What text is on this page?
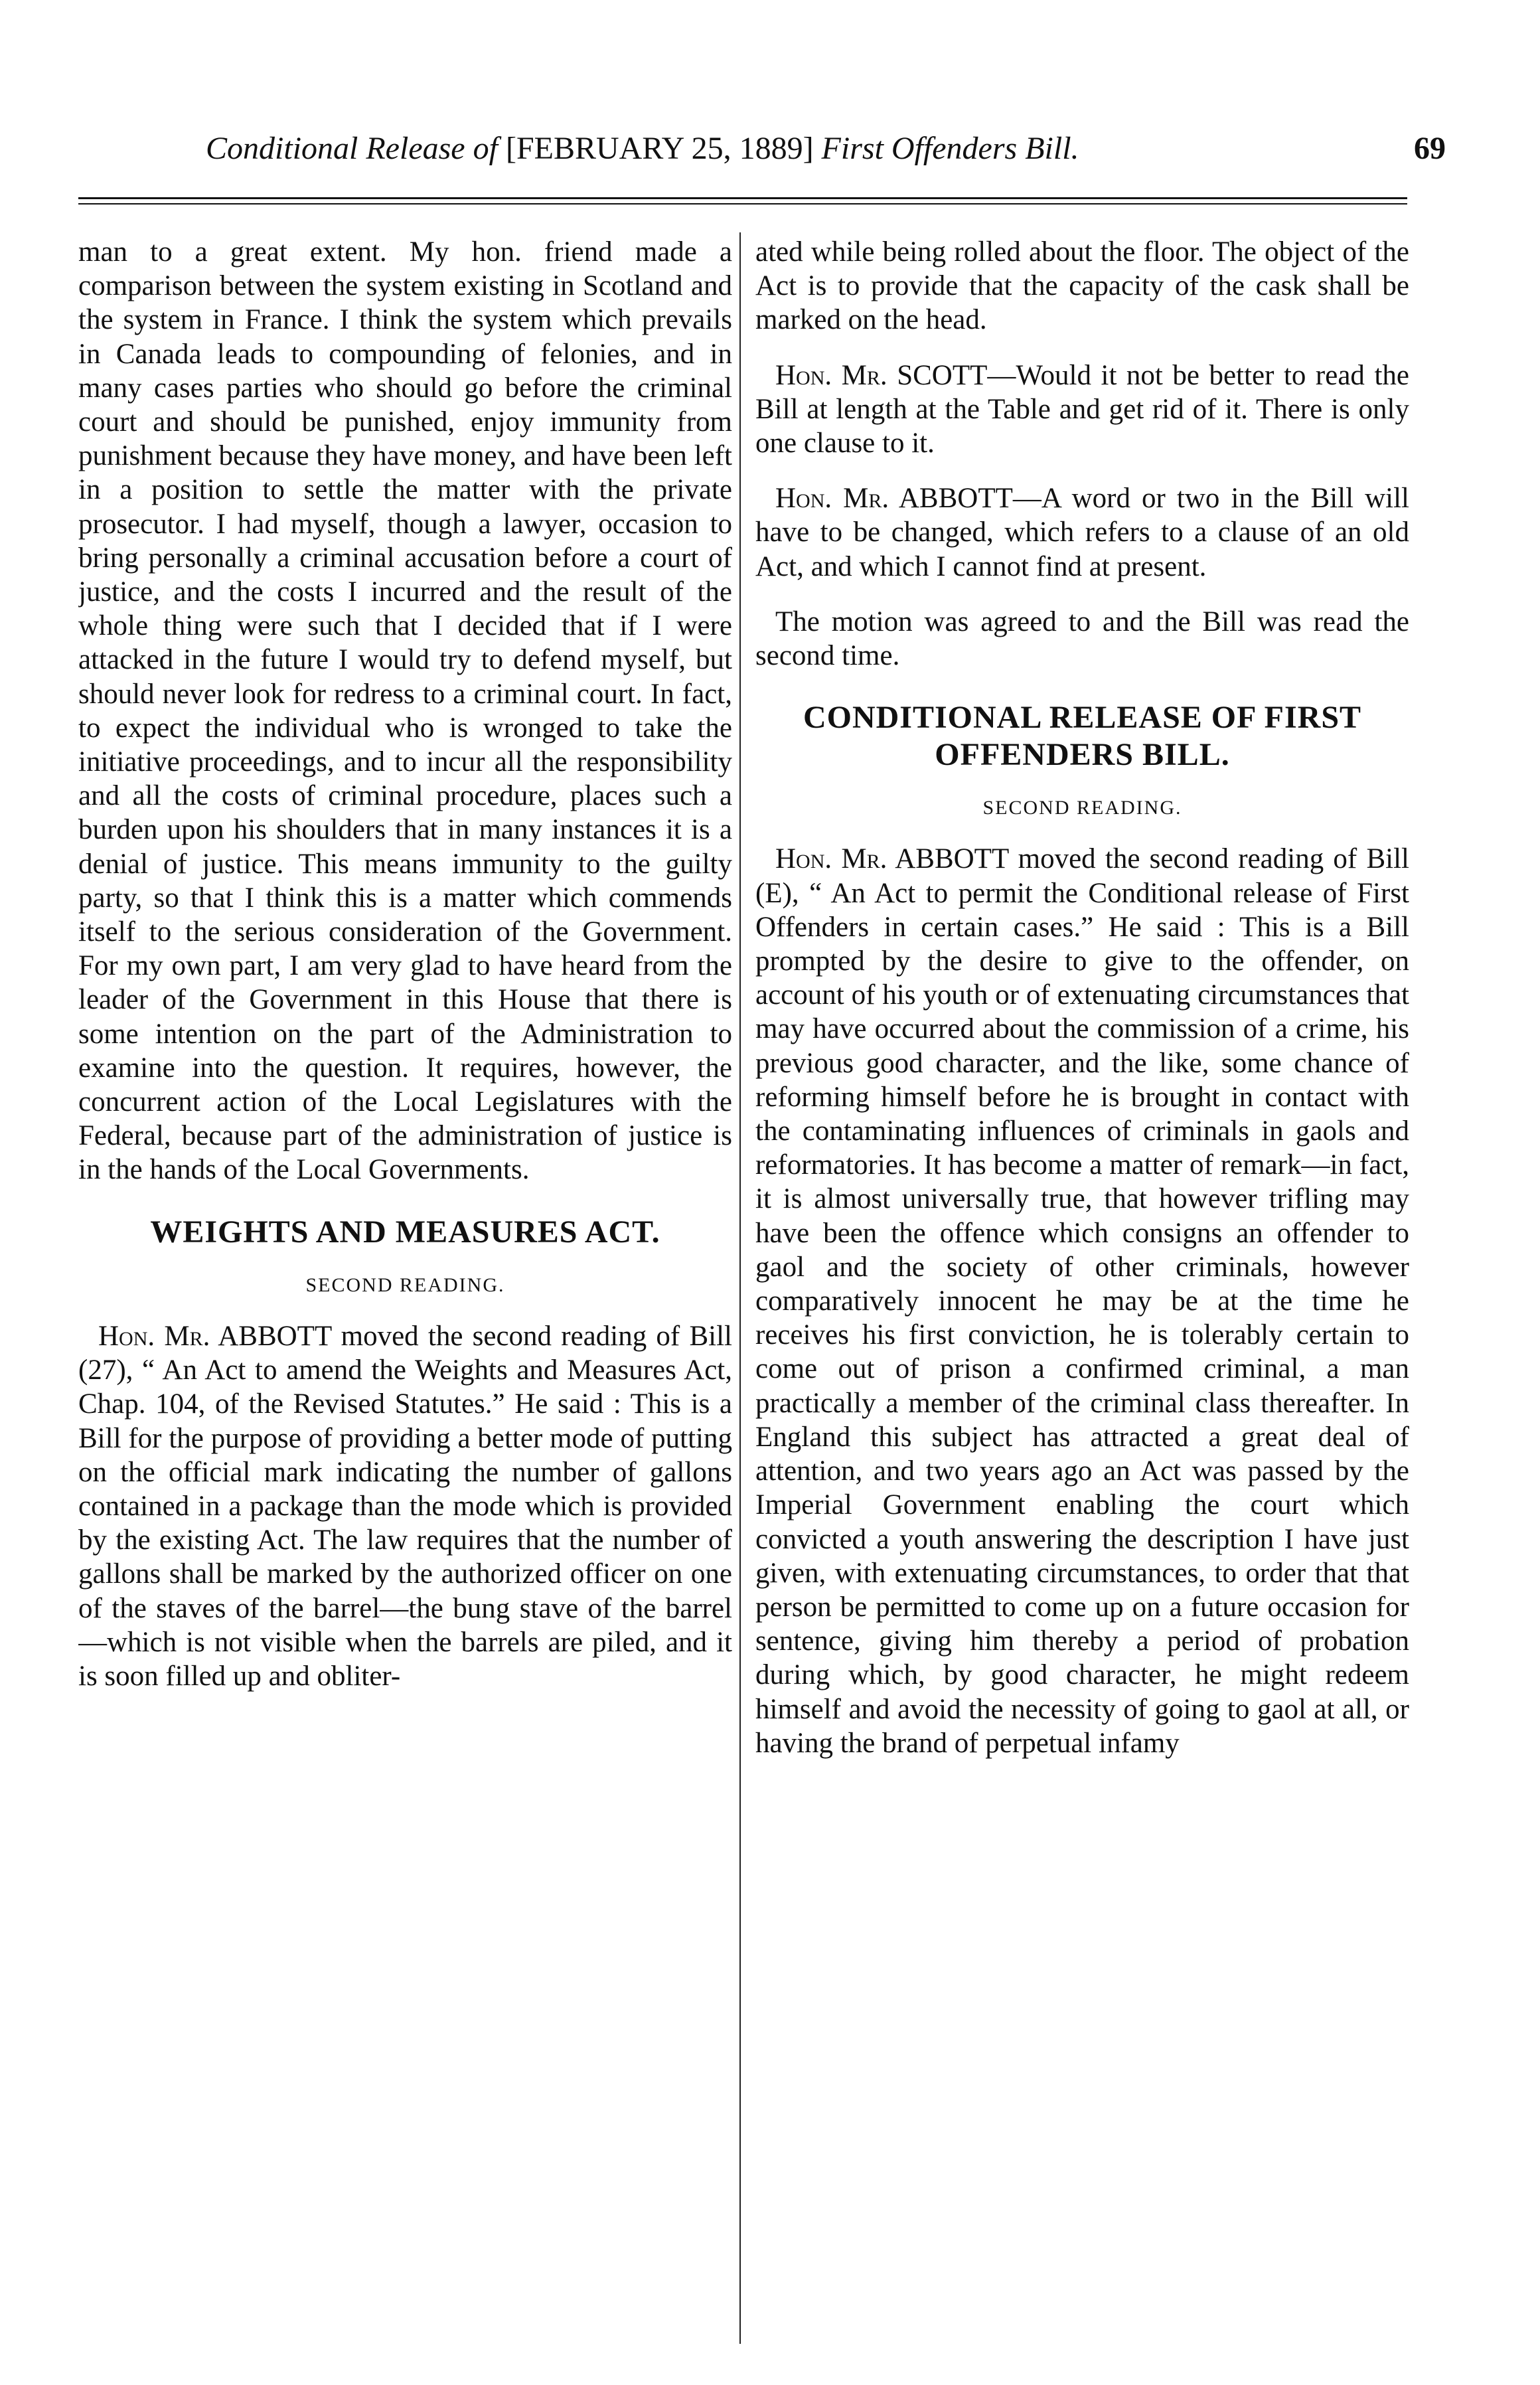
Conditional Release of [FEBRUARY 25, 1889] First Offenders Bill.	69

man to a great extent. My hon. friend made a comparison between the system existing in Scotland and the system in France. I think the system which prevails in Canada leads to compounding of felonies, and in many cases parties who should go before the criminal court and should be punished, enjoy immunity from punishment because they have money, and have been left in a position to settle the matter with the private prosecutor. I had myself, though a lawyer, occasion to bring personally a criminal accusation before a court of justice, and the costs I incurred and the result of the whole thing were such that I decided that if I were attacked in the future I would try to defend myself, but should never look for redress to a criminal court. In fact, to expect the individual who is wronged to take the initiative proceedings, and to incur all the responsibility and all the costs of criminal procedure, places such a burden upon his shoulders that in many instances it is a denial of justice. This means immunity to the guilty party, so that I think this is a matter which commends itself to the serious consideration of the Government. For my own part, I am very glad to have heard from the leader of the Government in this House that there is some intention on the part of the Administration to examine into the question. It requires, however, the concurrent action of the Local Legislatures with the Federal, because part of the administration of justice is in the hands of the Local Governments.

WEIGHTS AND MEASURES ACT.
SECOND READING.

Hon. Mr. ABBOTT moved the second reading of Bill (27), “ An Act to amend the Weights and Measures Act, Chap. 104, of the Revised Statutes.” He said : This is a Bill for the purpose of providing a better mode of putting on the official mark indicating the number of gallons contained in a package than the mode which is provided by the existing Act. The law requires that the number of gallons shall be marked by the authorized officer on one of the staves of the barrel—the bung stave of the barrel—which is not visible when the barrels are piled, and it is soon filled up and obliter-

ated while being rolled about the floor. The object of the Act is to provide that the capacity of the cask shall be marked on the head.

Hon. Mr. SCOTT—Would it not be better to read the Bill at length at the Table and get rid of it. There is only one clause to it.

Hon. Mr. ABBOTT—A word or two in the Bill will have to be changed, which refers to a clause of an old Act, and which I cannot find at present.

The motion was agreed to and the Bill was read the second time.

CONDITIONAL RELEASE OF FIRST OFFENDERS BILL.
SECOND READING.

Hon. Mr. ABBOTT moved the second reading of Bill (E), “ An Act to permit the Conditional release of First Offenders in certain cases.” He said : This is a Bill prompted by the desire to give to the offender, on account of his youth or of extenuating circumstances that may have occurred about the commission of a crime, his previous good character, and the like, some chance of reforming himself before he is brought in contact with the contaminating influences of criminals in gaols and reformatories. It has become a matter of remark—in fact, it is almost universally true, that however trifling may have been the offence which consigns an offender to gaol and the society of other criminals, however comparatively innocent he may be at the time he receives his first conviction, he is tolerably certain to come out of prison a confirmed criminal, a man practically a member of the criminal class thereafter. In England this subject has attracted a great deal of attention, and two years ago an Act was passed by the Imperial Government enabling the court which convicted a youth answering the description I have just given, with extenuating circumstances, to order that that person be permitted to come up on a future occasion for sentence, giving him thereby a period of probation during which, by good character, he might redeem himself and avoid the necessity of going to gaol at all, or having the brand of perpetual infamy
